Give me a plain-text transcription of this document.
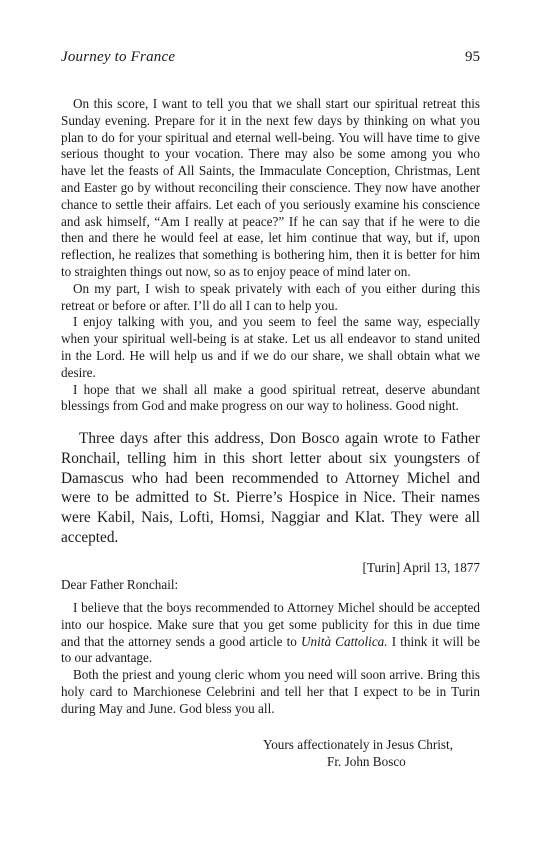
Journey to France	95

On this score, I want to tell you that we shall start our spiritual retreat this Sunday evening. Prepare for it in the next few days by thinking on what you plan to do for your spiritual and eternal well-being. You will have time to give serious thought to your vocation. There may also be some among you who have let the feasts of All Saints, the Immaculate Conception, Christmas, Lent and Easter go by without reconciling their conscience. They now have another chance to settle their affairs. Let each of you seriously examine his conscience and ask himself, “Am I really at peace?” If he can say that if he were to die then and there he would feel at ease, let him continue that way, but if, upon reflection, he realizes that something is bothering him, then it is better for him to straighten things out now, so as to enjoy peace of mind later on.

On my part, I wish to speak privately with each of you either during this retreat or before or after. I’ll do all I can to help you.

I enjoy talking with you, and you seem to feel the same way, especially when your spiritual well-being is at stake. Let us all endeavor to stand united in the Lord. He will help us and if we do our share, we shall obtain what we desire.

I hope that we shall all make a good spiritual retreat, deserve abundant blessings from God and make progress on our way to holiness. Good night.

Three days after this address, Don Bosco again wrote to Father Ronchail, telling him in this short letter about six youngsters of Damascus who had been recommended to Attorney Michel and were to be admitted to St. Pierre’s Hospice in Nice. Their names were Kabil, Nais, Lofti, Homsi, Naggiar and Klat. They were all accepted.

[Turin] April 13, 1877
Dear Father Ronchail:

I believe that the boys recommended to Attorney Michel should be accepted into our hospice. Make sure that you get some publicity for this in due time and that the attorney sends a good article to Unità Cattolica. I think it will be to our advantage.

Both the priest and young cleric whom you need will soon arrive. Bring this holy card to Marchionese Celebrini and tell her that I expect to be in Turin during May and June. God bless you all.

Yours affectionately in Jesus Christ,
Fr. John Bosco
